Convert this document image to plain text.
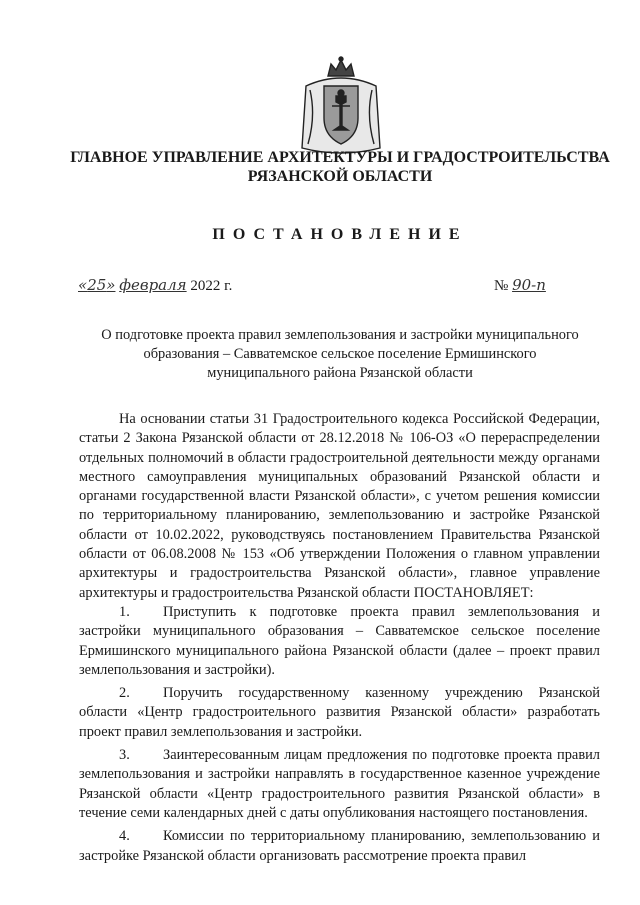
ГЛАВНОЕ УПРАВЛЕНИЕ АРХИТЕКТУРЫ И ГРАДОСТРОИТЕЛЬСТВА
РЯЗАНСКОЙ ОБЛАСТИ
ПОСТАНОВЛЕНИЕ
«25» февраля 2022 г.	№ 90-п
О подготовке проекта правил землепользования и застройки муниципального
образования – Савватемское сельское поселение Ермишинского
муниципального района Рязанской области

На основании статьи 31 Градостроительного кодекса Российской Федерации, статьи 2 Закона Рязанской области от 28.12.2018 № 106-ОЗ «О перераспределении отдельных полномочий в области градостроительной деятельности между органами местного самоуправления муниципальных образований Рязанской области и органами государственной власти Рязанской области», с учетом решения комиссии по территориальному планированию, землепользованию и застройке Рязанской области от 10.02.2022, руководствуясь постановлением Правительства Рязанской области от 06.08.2008 № 153 «Об утверждении Положения о главном управлении архитектуры и градостроительства Рязанской области», главное управление архитектуры и градостроительства Рязанской области ПОСТАНОВЛЯЕТ:

1. Приступить к подготовке проекта правил землепользования и застройки муниципального образования – Савватемское сельское поселение Ермишинского муниципального района Рязанской области (далее – проект правил землепользования и застройки).
2. Поручить государственному казенному учреждению Рязанской области «Центр градостроительного развития Рязанской области» разработать проект правил землепользования и застройки.
3. Заинтересованным лицам предложения по подготовке проекта правил землепользования и застройки направлять в государственное казенное учреждение Рязанской области «Центр градостроительного развития Рязанской области» в течение семи календарных дней с даты опубликования настоящего постановления.
4. Комиссии по территориальному планированию, землепользованию и застройке Рязанской области организовать рассмотрение проекта правил
